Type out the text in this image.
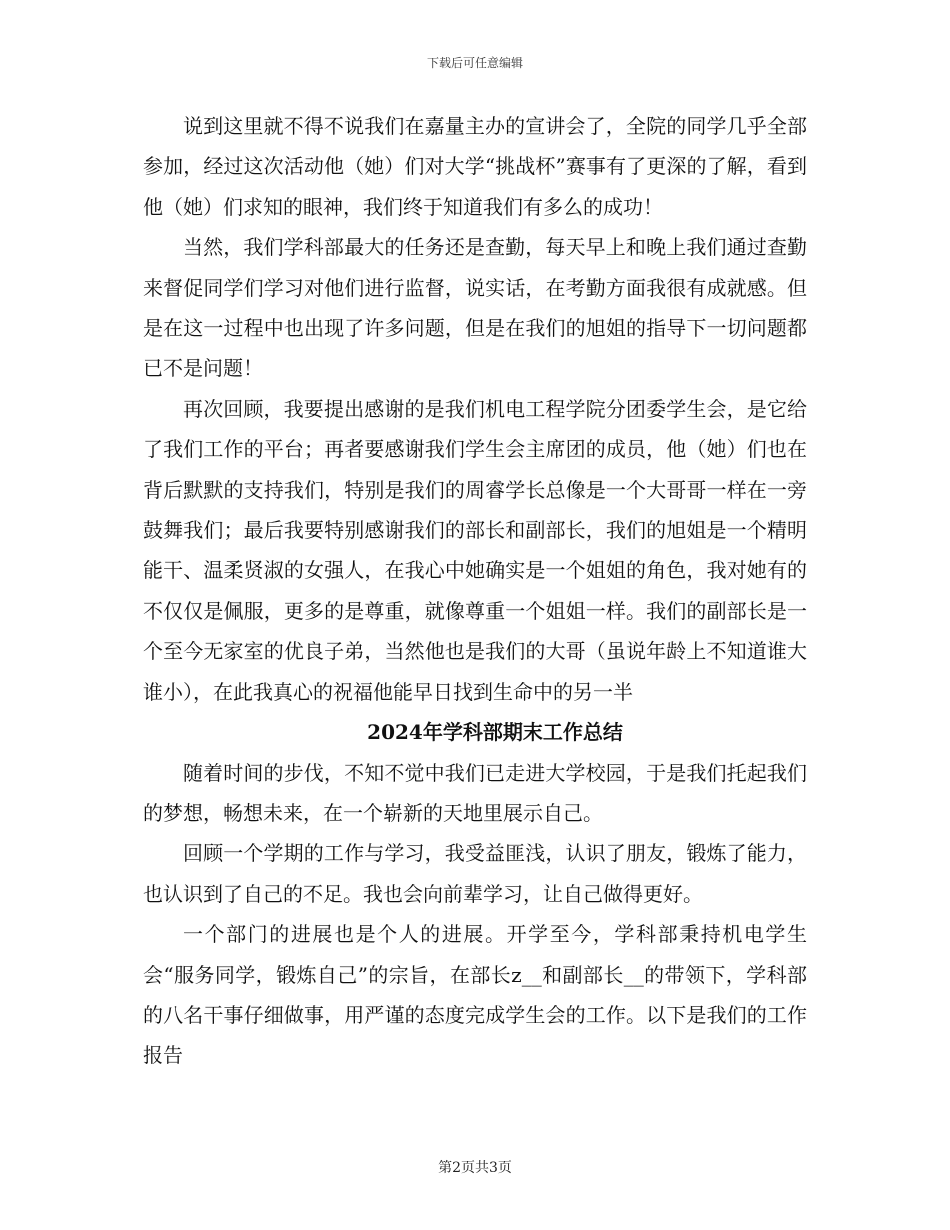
下载后可任意编辑

说到这里就不得不说我们在嘉量主办的宣讲会了，全院的同学几乎全部参加，经过这次活动他（她）们对大学“挑战杯”赛事有了更深的了解，看到他（她）们求知的眼神，我们终于知道我们有多么的成功！

当然，我们学科部最大的任务还是查勤，每天早上和晚上我们通过查勤来督促同学们学习对他们进行监督，说实话，在考勤方面我很有成就感。但是在这一过程中也出现了许多问题，但是在我们的旭姐的指导下一切问题都已不是问题！

再次回顾，我要提出感谢的是我们机电工程学院分团委学生会，是它给了我们工作的平台；再者要感谢我们学生会主席团的成员，他（她）们也在背后默默的支持我们，特别是我们的周睿学长总像是一个大哥哥一样在一旁鼓舞我们；最后我要特别感谢我们的部长和副部长，我们的旭姐是一个精明能干、温柔贤淑的女强人，在我心中她确实是一个姐姐的角色，我对她有的不仅仅是佩服，更多的是尊重，就像尊重一个姐姐一样。我们的副部长是一个至今无家室的优良子弟，当然他也是我们的大哥（虽说年龄上不知道谁大谁小），在此我真心的祝福他能早日找到生命中的另一半

2024年学科部期末工作总结

随着时间的步伐，不知不觉中我们已走进大学校园，于是我们托起我们的梦想，畅想未来，在一个崭新的天地里展示自己。

回顾一个学期的工作与学习，我受益匪浅，认识了朋友，锻炼了能力，也认识到了自己的不足。我也会向前辈学习，让自己做得更好。

一个部门的进展也是个人的进展。开学至今，学科部秉持机电学生会“服务同学，锻炼自己”的宗旨，在部长z__和副部长__的带领下，学科部的八名干事仔细做事，用严谨的态度完成学生会的工作。以下是我们的工作报告

第2页共3页
